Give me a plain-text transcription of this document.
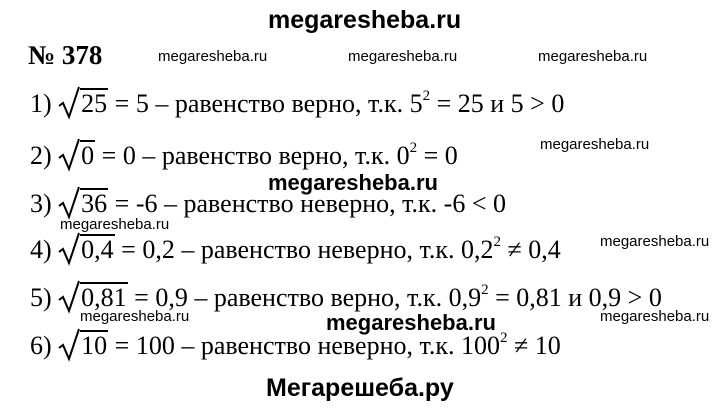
megaresheba.ru
№ 378	megaresheba.ru	megaresheba.ru	megaresheba.ru
1) 25 = 5 – равенство верно, т.к. $5^2 = 25$ и 5 > 0
2) 0 = 0 – равенство верно, т.к. $0^2 = 0$	megaresheba.ru
megaresheba.ru
3) 36 = -6 – равенство неверно, т.к. -6 < 0
megaresheba.ru
megaresheba.ru
4) 0,4 = 0,2 – равенство неверно, т.к. $0,2^2 \ne 0,4$
5) 0,81 = 0,9 – равенство верно, т.к. $0,9^2 = 0,81$ и 0,9 > 0
megaresheba.ru	megaresheba.ru	megaresheba.ru
6) 10 = 100 – равенство неверно, т.к. $100^2 \ne 10$
Мегарешеба.ру
